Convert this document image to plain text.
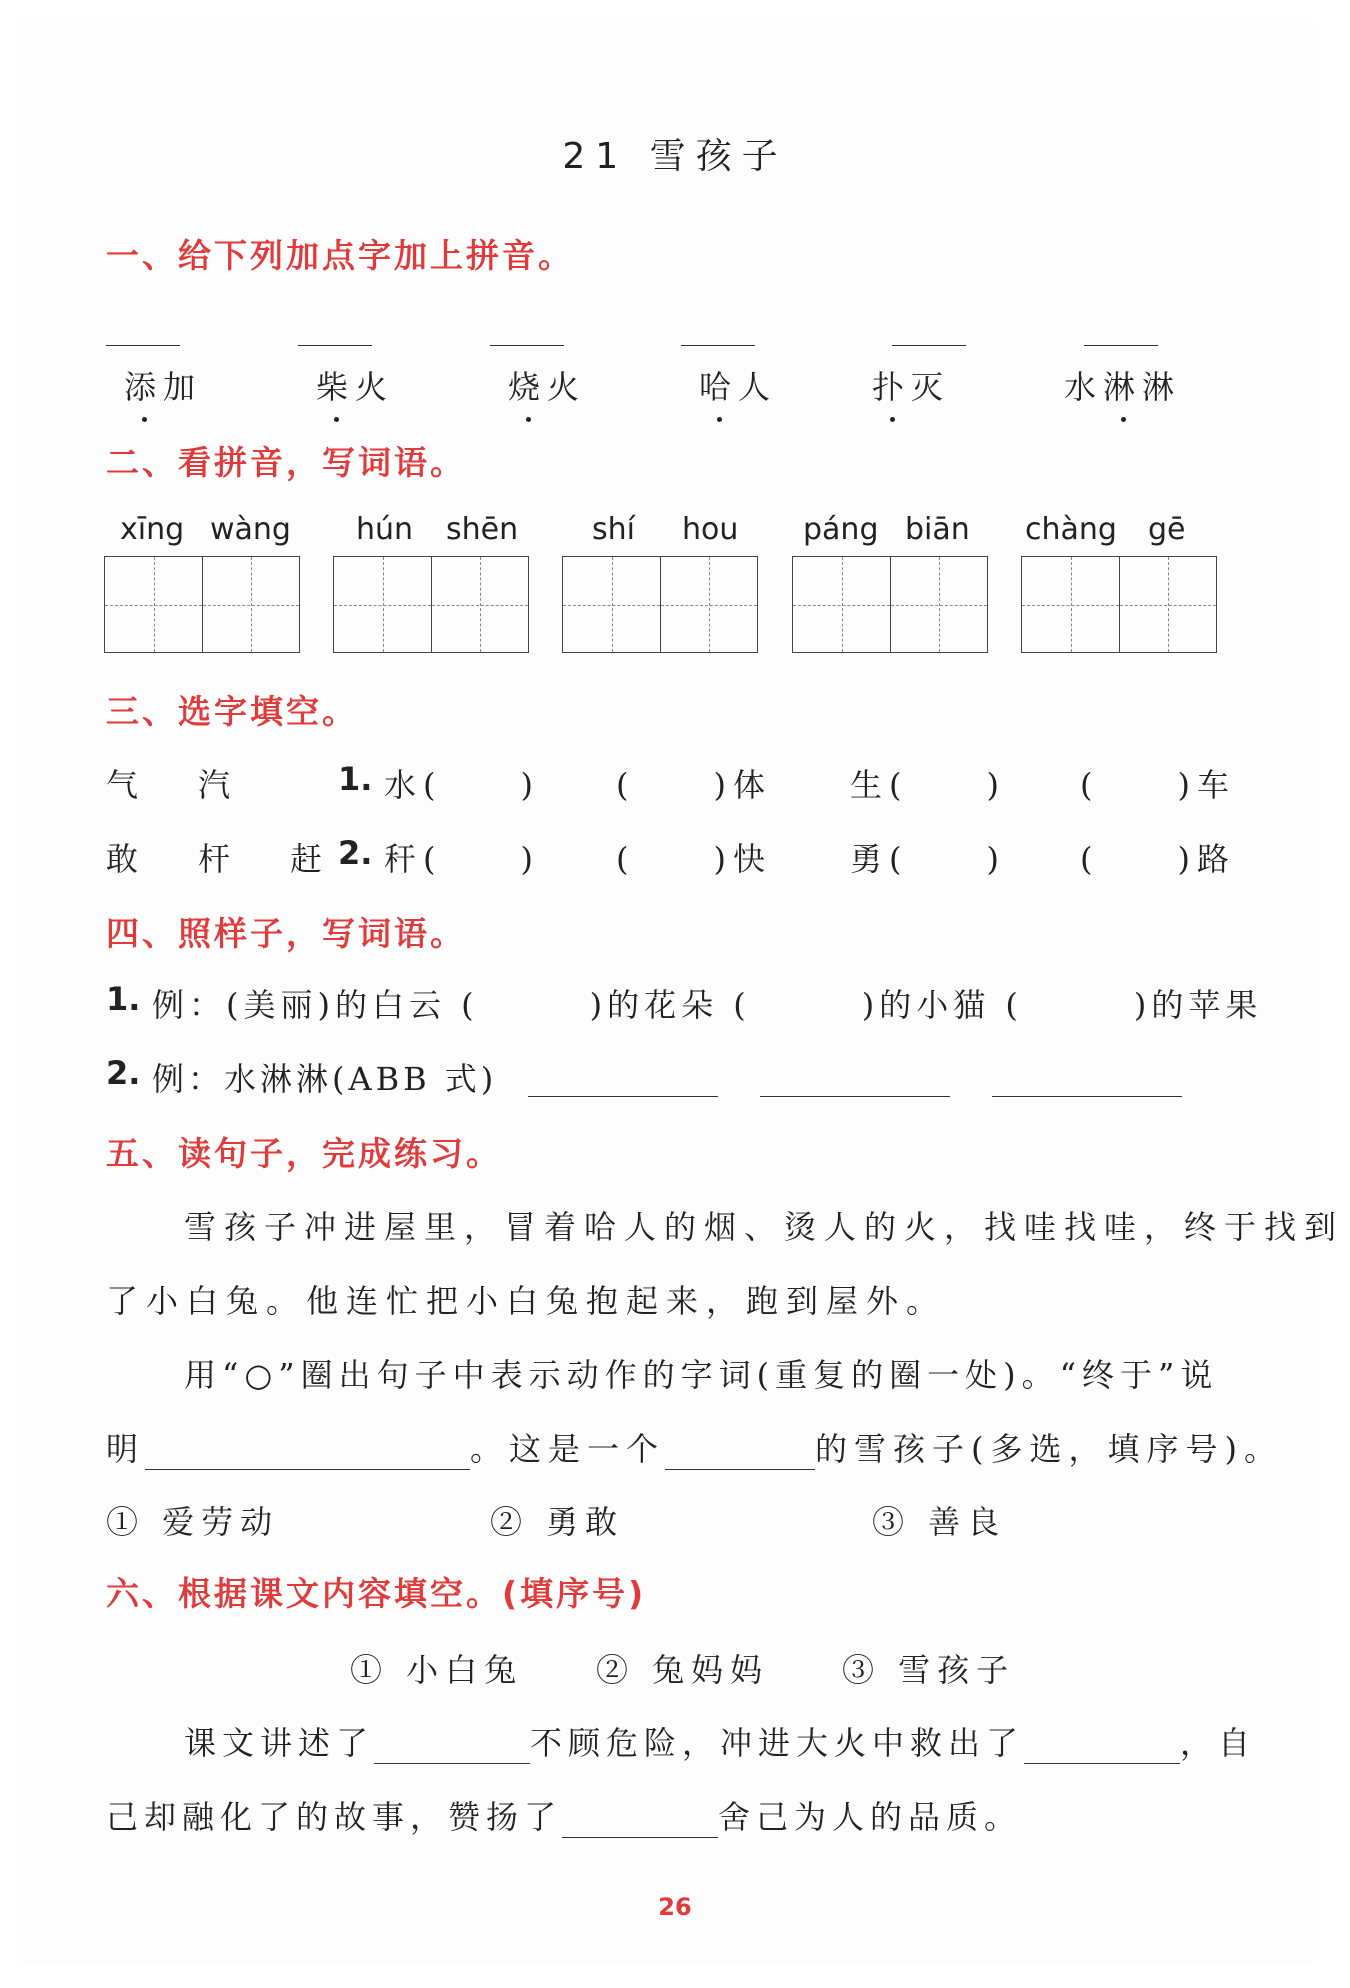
21 雪孩子
一、给下列加点字加上拼音。
添加	柴火	烧火	哈人	扑灭	水淋淋
二、看拼音，写词语。
xīng wàng hún shēn shí hou páng biān chàng gē
三、选字填空。
气　汽	1. 水(　　) (　　)体 生(　　) (　　)车
敢　杆　赶 2. 秆(　　) (　　)快 勇(　　) (　　)路
四、照样子，写词语。
1. 例：(美丽)的白云 (　　　)的花朵 (　　　)的小猫 (　　　)的苹果
2. 例：水淋淋(ABB 式)
五、读句子，完成练习。
雪孩子冲进屋里，冒着哈人的烟、烫人的火，找哇找哇，终于找到
了小白兔。他连忙把小白兔抱起来，跑到屋外。
用“○”圈出句子中表示动作的字词(重复的圈一处)。“终于”说
明	。这是一个	的雪孩子(多选，填序号)。
① 爱劳动	② 勇敢	③ 善良
六、根据课文内容填空。(填序号)
① 小白兔 ② 兔妈妈 ③ 雪孩子
课文讲述了	不顾危险，冲进大火中救出了	，自
己却融化了的故事，赞扬了	舍己为人的品质。
26
